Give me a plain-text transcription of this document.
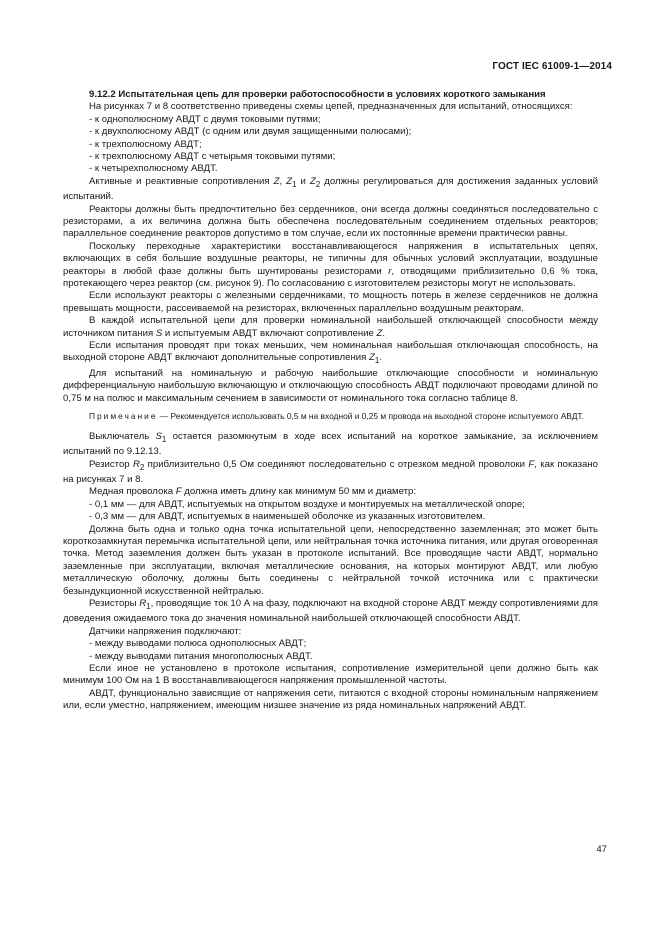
ГОСТ IEC 61009-1—2014

9.12.2 Испытательная цепь для проверки работоспособности в условиях короткого замыкания

На рисунках 7 и 8 соответственно приведены схемы цепей, предназначенных для испытаний, относящихся:

- к однополюсному АВДТ с двумя токовыми путями;

- к двухполюсному АВДТ (с одним или двумя защищенными полюсами);

- к трехполюсному АВДТ;

- к трехполюсному АВДТ с четырьмя токовыми путями;

- к четырехполюсному АВДТ.

Активные и реактивные сопротивления Z, $Z_1$ и $Z_2$ должны регулироваться для достижения заданных условий испытаний.

Реакторы должны быть предпочтительно без сердечников, они всегда должны соединяться последовательно с резисторами, а их величина должна быть обеспечена последовательным соединением отдельных реакторов; параллельное соединение реакторов допустимо в том случае, если их постоянные времени практически равны.

Поскольку переходные характеристики восстанавливающегося напряжения в испытательных цепях, включающих в себя большие воздушные реакторы, не типичны для обычных условий эксплуатации, воздушные реакторы в любой фазе должны быть шунтированы резисторами r, отводящими приблизительно 0,6 % тока, протекающего через реактор (см. рисунок 9). По согласованию с изготовителем резисторы могут не использовать.

Если используют реакторы с железными сердечниками, то мощность потерь в железе сердечников не должна превышать мощности, рассеиваемой на резисторах, включенных параллельно воздушным реакторам.

В каждой испытательной цепи для проверки номинальной наибольшей отключающей способности между источником питания S и испытуемым АВДТ включают сопротивление Z.

Если испытания проводят при токах меньших, чем номинальная наибольшая отключающая способность, на выходной стороне АВДТ включают дополнительные сопротивления $Z_1$.

Для испытаний на номинальную и рабочую наибольшие отключающие способности и номинальную дифференциальную наибольшую включающую и отключающую способность АВДТ подключают проводами длиной по 0,75 м на полюс и максимальным сечением в зависимости от номинального тока согласно таблице 8.

Примечание — Рекомендуется использовать 0,5 м на входной и 0,25 м провода на выходной стороне испытуемого АВДТ.

Выключатель $S_1$ остается разомкнутым в ходе всех испытаний на короткое замыкание, за исключением испытаний по 9.12.13.

Резистор $R_2$ приблизительно 0,5 Ом соединяют последовательно с отрезком медной проволоки F, как показано на рисунках 7 и 8.

Медная проволока F должна иметь длину как минимум 50 мм и диаметр:

- 0,1 мм — для АВДТ, испытуемых на открытом воздухе и монтируемых на металлической опоре;

- 0,3 мм — для АВДТ, испытуемых в наименьшей оболочке из указанных изготовителем.

Должна быть одна и только одна точка испытательной цепи, непосредственно заземленная; это может быть короткозамкнутая перемычка испытательной цепи, или нейтральная точка источника питания, или другая оговоренная точка. Метод заземления должен быть указан в протоколе испытаний. Все проводящие части АВДТ, нормально заземленные при эксплуатации, включая металлические основания, на которых монтируют АВДТ, или любую металлическую оболочку, должны быть соединены с нейтральной точкой источника или с практически безындукционной искусственной нейтралью.

Резисторы $R_1$, проводящие ток 10 А на фазу, подключают на входной стороне АВДТ между сопротивлениями для доведения ожидаемого тока до значения номинальной наибольшей отключающей способности АВДТ.

Датчики напряжения подключают:

- между выводами полюса однополюсных АВДТ;

- между выводами питания многополюсных АВДТ.

Если иное не установлено в протоколе испытания, сопротивление измерительной цепи должно быть как минимум 100 Ом на 1 В восстанавливающегося напряжения промышленной частоты.

АВДТ, функционально зависящие от напряжения сети, питаются с входной стороны номинальным напряжением или, если уместно, напряжением, имеющим низшее значение из ряда номинальных напряжений АВДТ.

47
